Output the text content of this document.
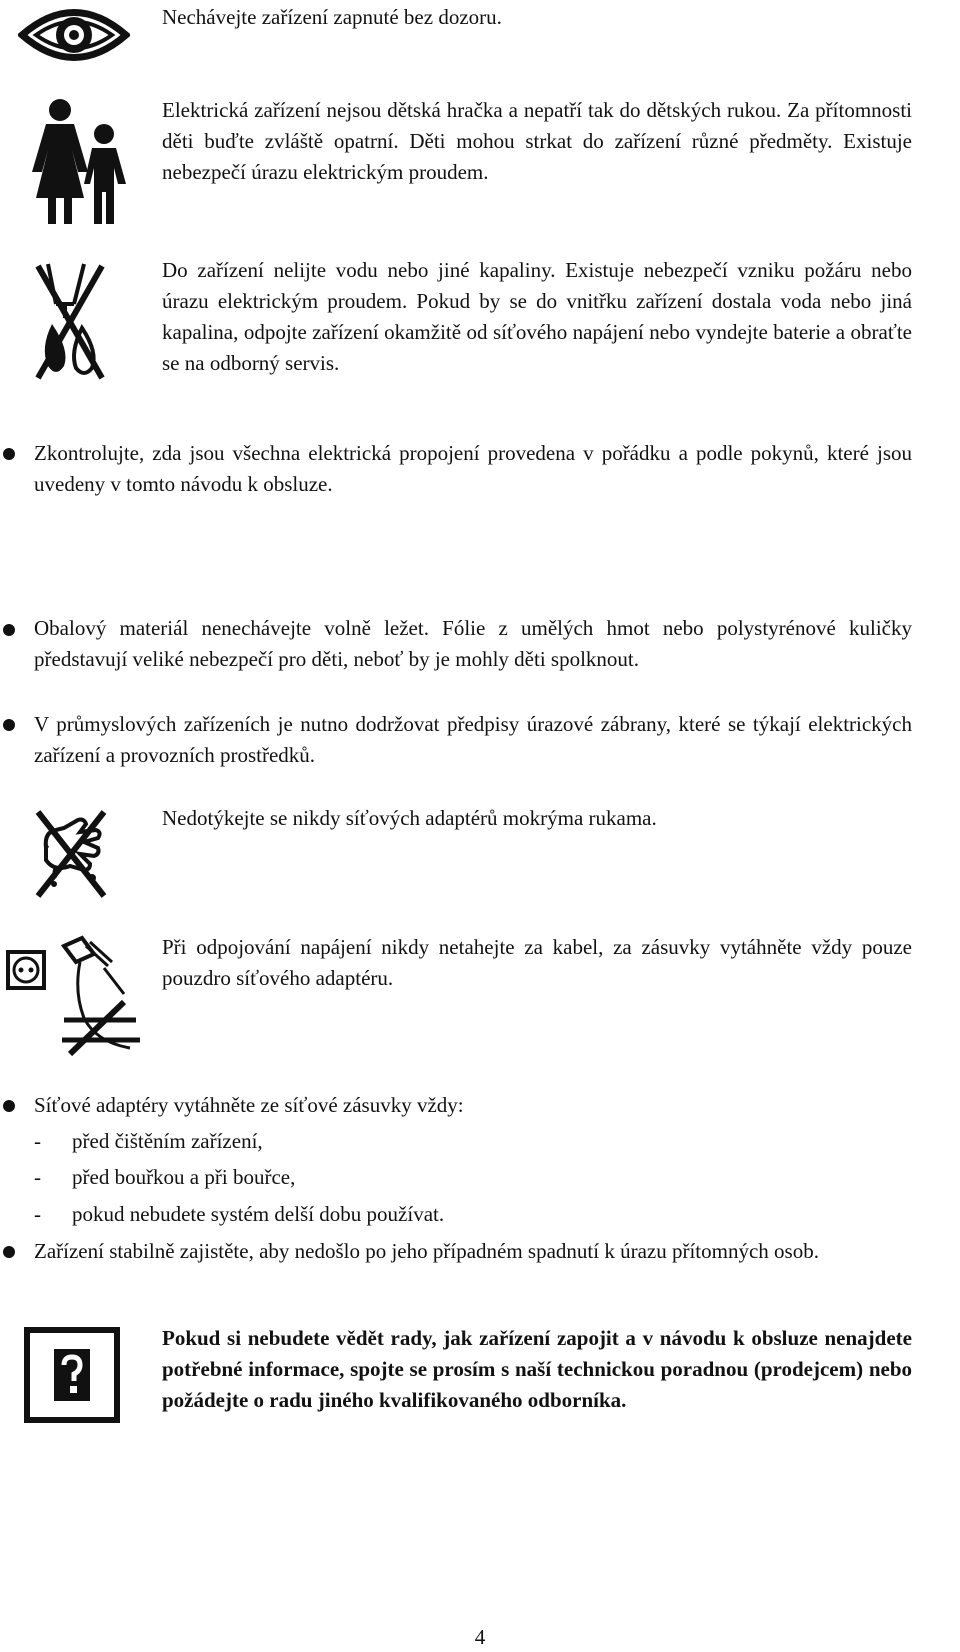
Nechávejte zařízení zapnuté bez dozoru.
Elektrická zařízení nejsou dětská hračka a nepatří tak do dětských rukou. Za přítomnosti děti buďte zvláště opatrní. Děti mohou strkat do zařízení různé předměty. Existuje nebezpečí úrazu elektrickým proudem.
Do zařízení nelijte vodu nebo jiné kapaliny. Existuje nebezpečí vzniku požáru nebo úrazu elektrickým proudem. Pokud by se do vnitřku zařízení dostala voda nebo jiná kapalina, odpojte zařízení okamžitě od síťového napájení nebo vyndejte baterie a obraťte se na odborný servis.
Zkontrolujte, zda jsou všechna elektrická propojení provedena v pořádku a podle pokynů, které jsou uvedeny v tomto návodu k obsluze.
Obalový materiál nenechávejte volně ležet. Fólie z umělých hmot nebo polystyrénové kuličky představují veliké nebezpečí pro děti, neboť by je mohly děti spolknout.
V průmyslových zařízeních je nutno dodržovat předpisy úrazové zábrany, které se týkají elektrických zařízení a provozních prostředků.
Nedotýkejte se nikdy síťových adaptérů mokrýma rukama.
Při odpojování napájení nikdy netahejte za kabel, za zásuvky vytáhněte vždy pouze pouzdro síťového adaptéru.
Síťové adaptéry vytáhněte ze síťové zásuvky vždy:
- před čištěním zařízení,
- před bouřkou a při bouřce,
- pokud nebudete systém delší dobu používat.
Zařízení stabilně zajistěte, aby nedošlo po jeho případném spadnutí k úrazu přítomných osob.
Pokud si nebudete vědět rady, jak zařízení zapojit a v návodu k obsluze nenajdete potřebné informace, spojte se prosím s naší technickou poradnou (prodejcem) nebo požádejte o radu jiného kvalifikovaného odborníka.
4
